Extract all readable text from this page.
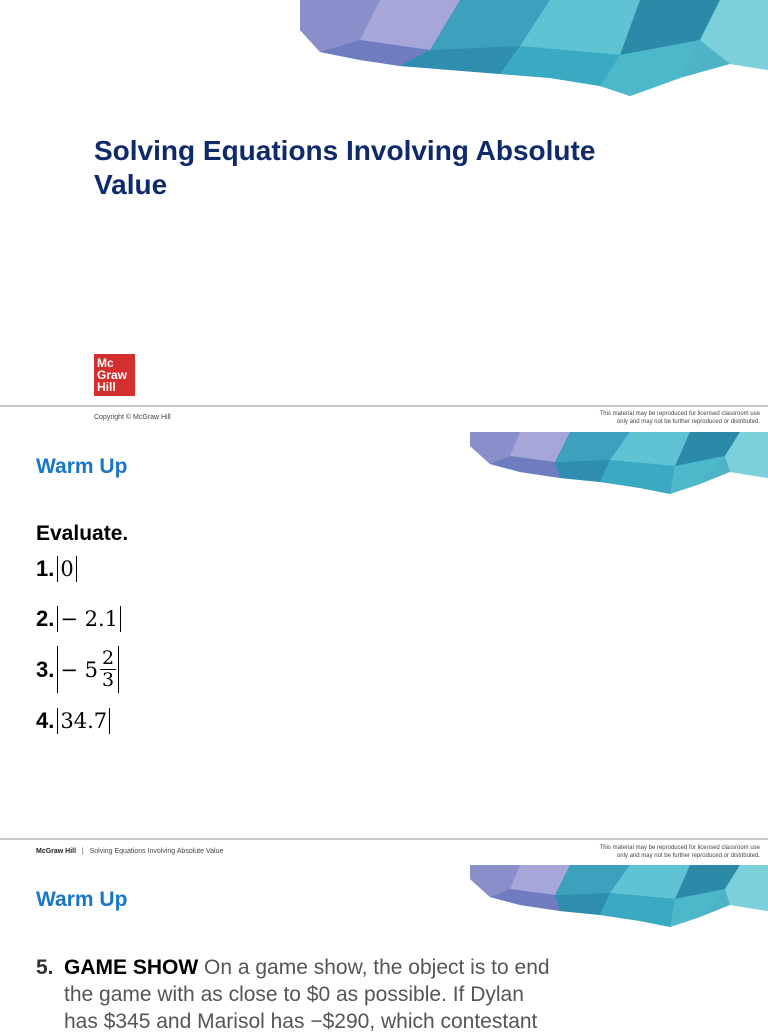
Solving Equations Involving Absolute Value
Mc
Graw
Hill
Copyright © McGraw Hill	This material may be reproduced for licensed classroom use
only and may not be further reproduced or distributed.
Warm Up
Evaluate.
1. 0
2. − 2.1
3. − $5 \frac{2}{3}$
4. 34.7
McGraw Hill | Solving Equations Involving Absolute Value	This material may be reproduced for licensed classroom use
only and may not be further reproduced or distributed.
Warm Up
5. GAME SHOW On a game show, the object is to end
the game with as close to $0 as possible. If Dylan
has $345 and Marisol has −$290, which contestant
